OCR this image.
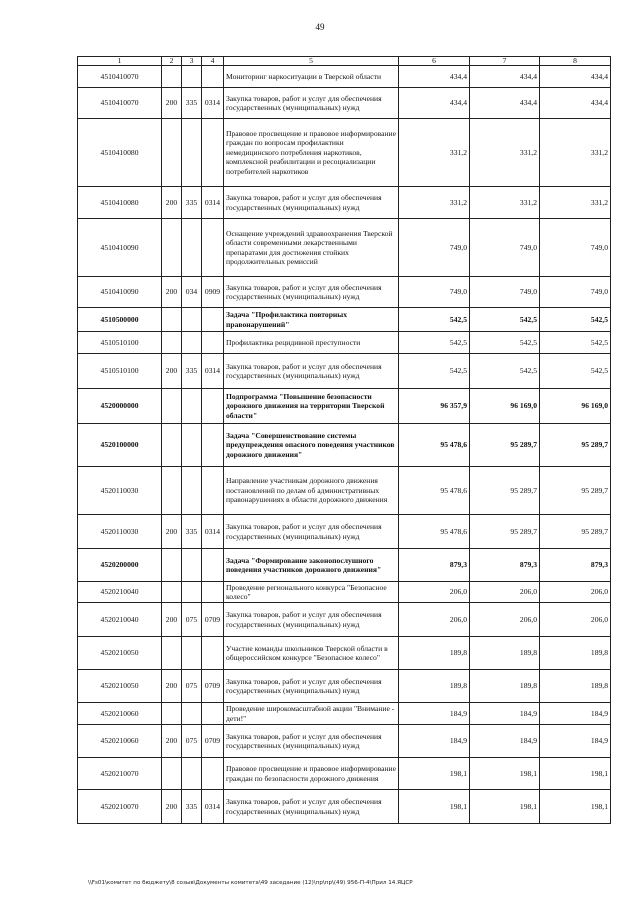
49
1	2	3	4	5	6	7	8
4510410070				Мониторинг наркоситуации в Тверской области	434,4	434,4	434,4
4510410070	200	335	0314	Закупка товаров, работ и услуг для обеспечения государственных (муниципальных) нужд	434,4	434,4	434,4
4510410080				Правовое просвещение и правовое информирование граждан по вопросам профилактики немедицинского потребления наркотиков, комплексной реабилитации и ресоциализации потребителей наркотиков	331,2	331,2	331,2
4510410080	200	335	0314	Закупка товаров, работ и услуг для обеспечения государственных (муниципальных) нужд	331,2	331,2	331,2
4510410090				Оснащение учреждений здравоохранения Тверской области современными лекарственными препаратами для достижения стойких продолжительных ремиссий	749,0	749,0	749,0
4510410090	200	034	0909	Закупка товаров, работ и услуг для обеспечения государственных (муниципальных) нужд	749,0	749,0	749,0
4510500000				Задача "Профилактика повторных правонарушений"	542,5	542,5	542,5
4510510100				Профилактика рецидивной преступности	542,5	542,5	542,5
4510510100	200	335	0314	Закупка товаров, работ и услуг для обеспечения государственных (муниципальных) нужд	542,5	542,5	542,5
4520000000				Подпрограмма "Повышение безопасности дорожного движения на территории Тверской области"	96 357,9	96 169,0	96 169,0
4520100000				Задача "Совершенствование системы предупреждения опасного поведения участников дорожного движения"	95 478,6	95 289,7	95 289,7
4520110030				Направление участникам дорожного движения постановлений по делам об административных правонарушениях в области дорожного движения	95 478,6	95 289,7	95 289,7
4520110030	200	335	0314	Закупка товаров, работ и услуг для обеспечения государственных (муниципальных) нужд	95 478,6	95 289,7	95 289,7
4520200000				Задача "Формирование законопослушного поведения участников дорожного движения"	879,3	879,3	879,3
4520210040				Проведение регионального конкурса "Безопасное колесо"	206,0	206,0	206,0
4520210040	200	075	0709	Закупка товаров, работ и услуг для обеспечения государственных (муниципальных) нужд	206,0	206,0	206,0
4520210050				Участие команды школьников Тверской области в общероссийском конкурсе "Безопасное колесо"	189,8	189,8	189,8
4520210050	200	075	0709	Закупка товаров, работ и услуг для обеспечения государственных (муниципальных) нужд	189,8	189,8	189,8
4520210060				Проведение широкомасштабной акции "Внимание - дети!"	184,9	184,9	184,9
4520210060	200	075	0709	Закупка товаров, работ и услуг для обеспечения государственных (муниципальных) нужд	184,9	184,9	184,9
4520210070				Правовое просвещение и правовое информирование граждан по безопасности дорожного движения	198,1	198,1	198,1
4520210070	200	335	0314	Закупка товаров, работ и услуг для обеспечения государственных (муниципальных) нужд	198,1	198,1	198,1
\\Fs01\комитет по бюджету\8 созыв\Документы комитета\49 заседание (12)\пр\пр\(49) 956-П-4\Прил 14.ЯЦСР
